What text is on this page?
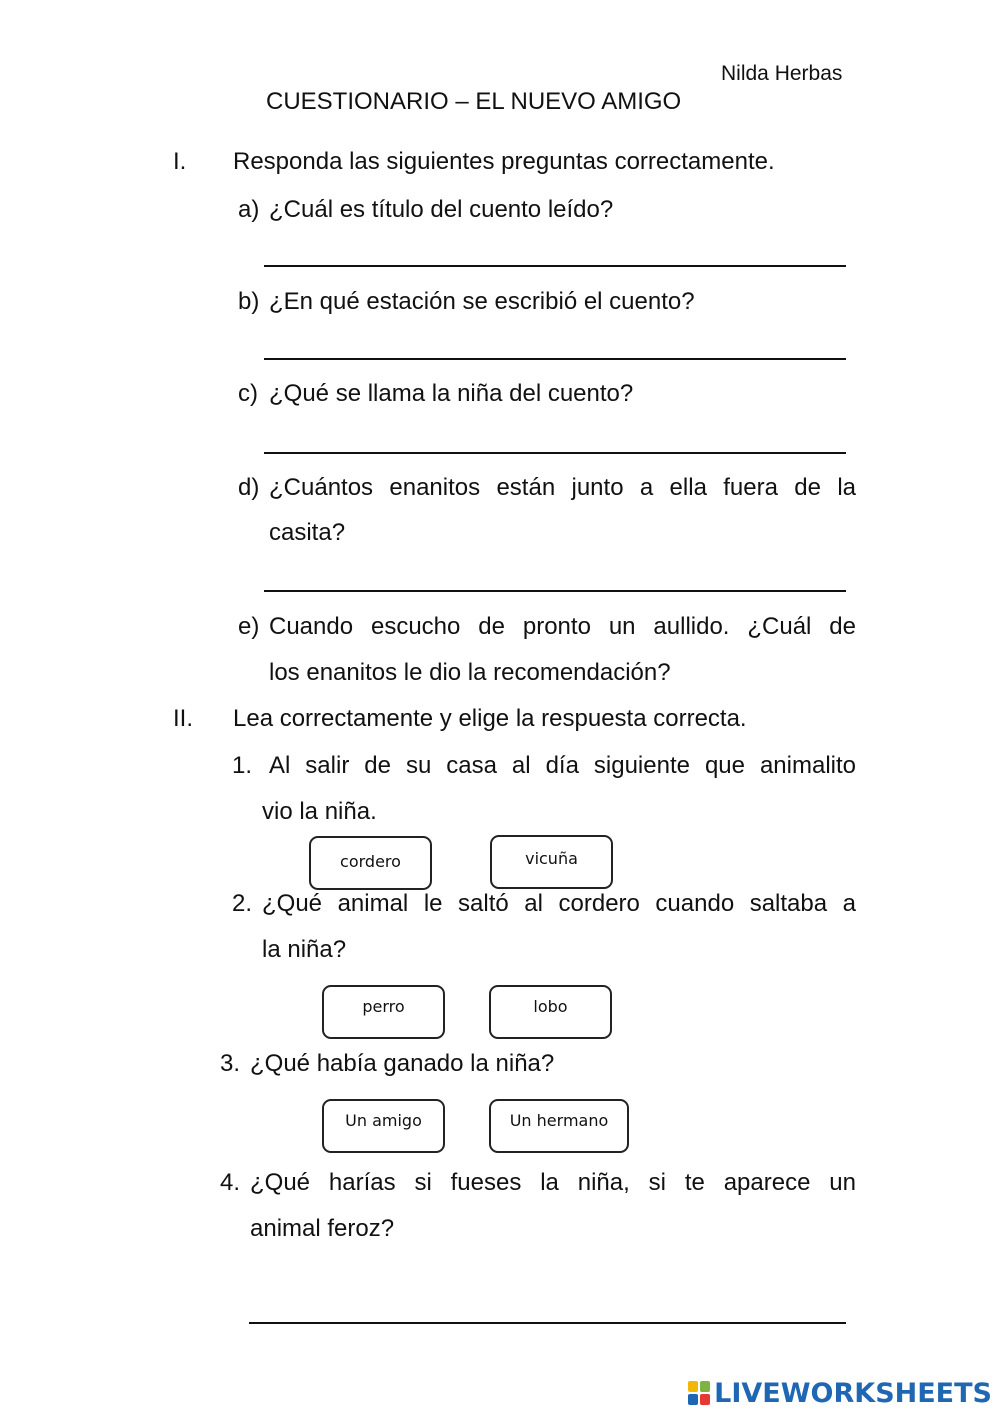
Nilda Herbas
CUESTIONARIO – EL NUEVO AMIGO
I. Responda las siguientes preguntas correctamente.
a) ¿Cuál es título del cuento leído?
b) ¿En qué estación se escribió el cuento?
c) ¿Qué se llama la niña del cuento?
d) ¿Cuántos enanitos están junto a ella fuera de la
casita?
e) Cuando escucho de pronto un aullido. ¿Cuál de
los enanitos le dio la recomendación?
II. Lea correctamente y elige la respuesta correcta.
1. Al salir de su casa al día siguiente que animalito
vio la niña.
cordero	vicuña
2. ¿Qué animal le saltó al cordero cuando saltaba a
la niña?
perro	lobo
3. ¿Qué había ganado la niña?
Un amigo	Un hermano
4. ¿Qué harías si fueses la niña, si te aparece un
animal feroz?
LIVEWORKSHEETS
